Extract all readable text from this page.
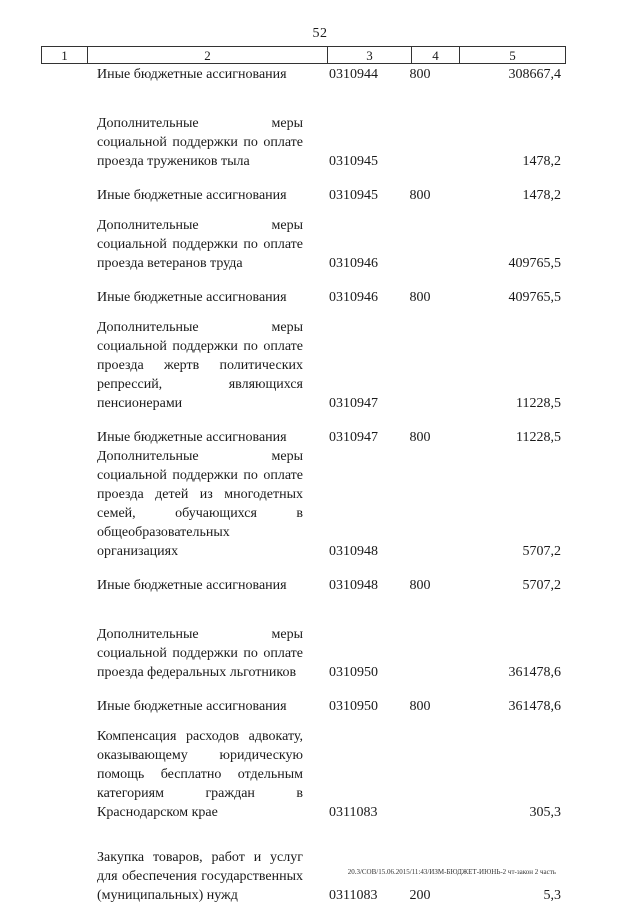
52
1	2	3	4	5
Иные бюджетные ассигнования	0310944	800	308667,4

Дополнительные меры социальной поддержки по оплате проезда тружеников тыла	0310945		1478,2

Иные бюджетные ассигнования	0310945	800	1478,2

Дополнительные меры социальной поддержки по оплате проезда ветеранов труда	0310946		409765,5

Иные бюджетные ассигнования	0310946	800	409765,5

Дополнительные меры социальной поддержки по оплате проезда жертв политических репрессий, являющихся пенсионерами	0310947		11228,5

Иные бюджетные ассигнования	0310947	800	11228,5

Дополнительные меры социальной поддержки по оплате проезда детей из многодетных семей, обучающихся в общеобразовательных организациях	0310948		5707,2

Иные бюджетные ассигнования	0310948	800	5707,2

Дополнительные меры социальной поддержки по оплате проезда федеральных льготников	0310950		361478,6

Иные бюджетные ассигнования	0310950	800	361478,6

Компенсация расходов адвокату, оказывающему юридическую помощь бесплатно отдельным категориям граждан в Краснодарском крае	0311083		305,3

Закупка товаров, работ и услуг для обеспечения государственных (муниципальных) нужд	0311083	200	5,3
20.3/СОВ/15.06.2015/11:43/ИЗМ-БЮДЖЕТ-ИЮНЬ-2 чт-закон 2 часть
